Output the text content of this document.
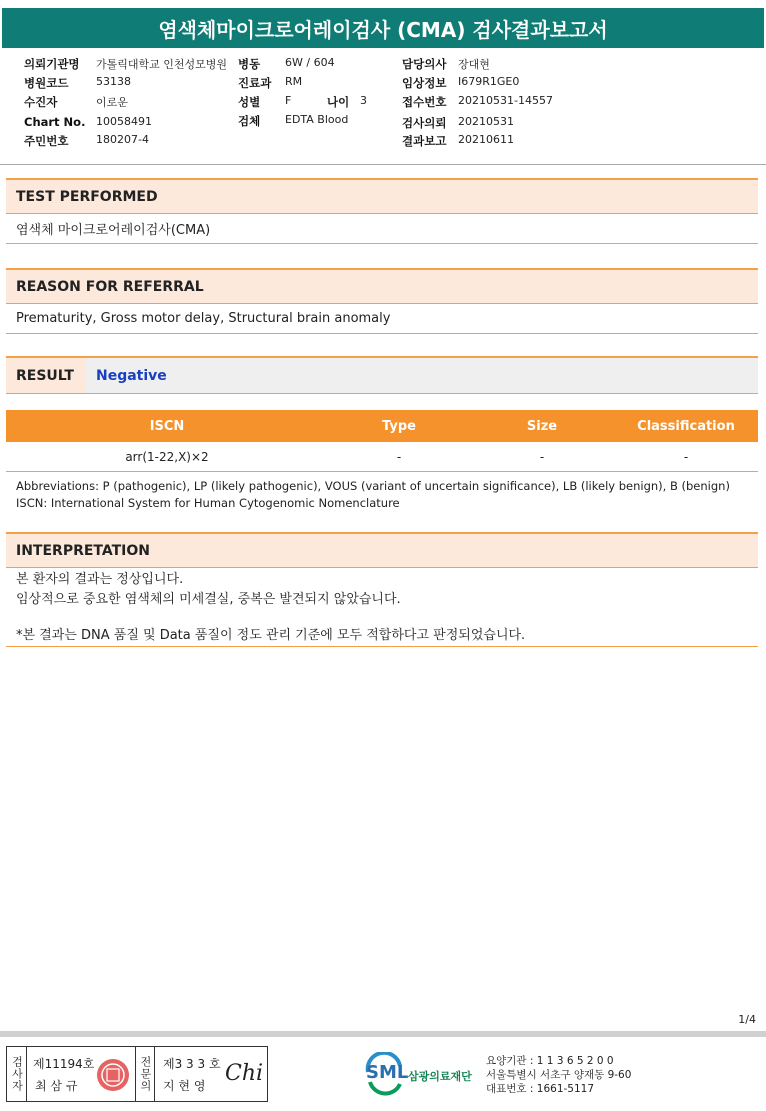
염색체마이크로어레이검사 (CMA) 검사결과보고서
의뢰기관명 가톨릭대학교 인천성모병원 병동 6W / 604	담당의사 장대현
병원코드	53138	진료과 RM	임상정보 I679R1GE0
수진자	이로운	성별 F	나이 3	접수번호 20210531-14557
Chart No. 10058491	검체 EDTA Blood	검사의뢰 20210531
주민번호	180207-4	결과보고 20210611
TEST PERFORMED
염색체 마이크로어레이검사(CMA)
REASON FOR REFERRAL
Prematurity, Gross motor delay, Structural brain anomaly
RESULT	Negative
ISCN	Type	Size	Classification
arr(1-22,X)×2	-	-	-
Abbreviations: P (pathogenic), LP (likely pathogenic), VOUS (variant of uncertain significance), LB (likely benign), B (benign)
ISCN: International System for Human Cytogenomic Nomenclature
INTERPRETATION
본 환자의 결과는 정상입니다.
임상적으로 중요한 염색체의 미세결실, 중복은 발견되지 않았습니다.
*본 결과는 DNA 품질 및 Data 품질이 정도 관리 기준에 모두 적합하다고 판정되었습니다.
1/4
검사자 제11194호
최 삼 규	전문의 제3 3 3 호
지 현 영 Chi	SML 삼광의료재단
요양기관 : 1 1 3 6 5 2 0 0
서울특별시 서초구 양재동 9-60
대표번호 : 1661-5117
